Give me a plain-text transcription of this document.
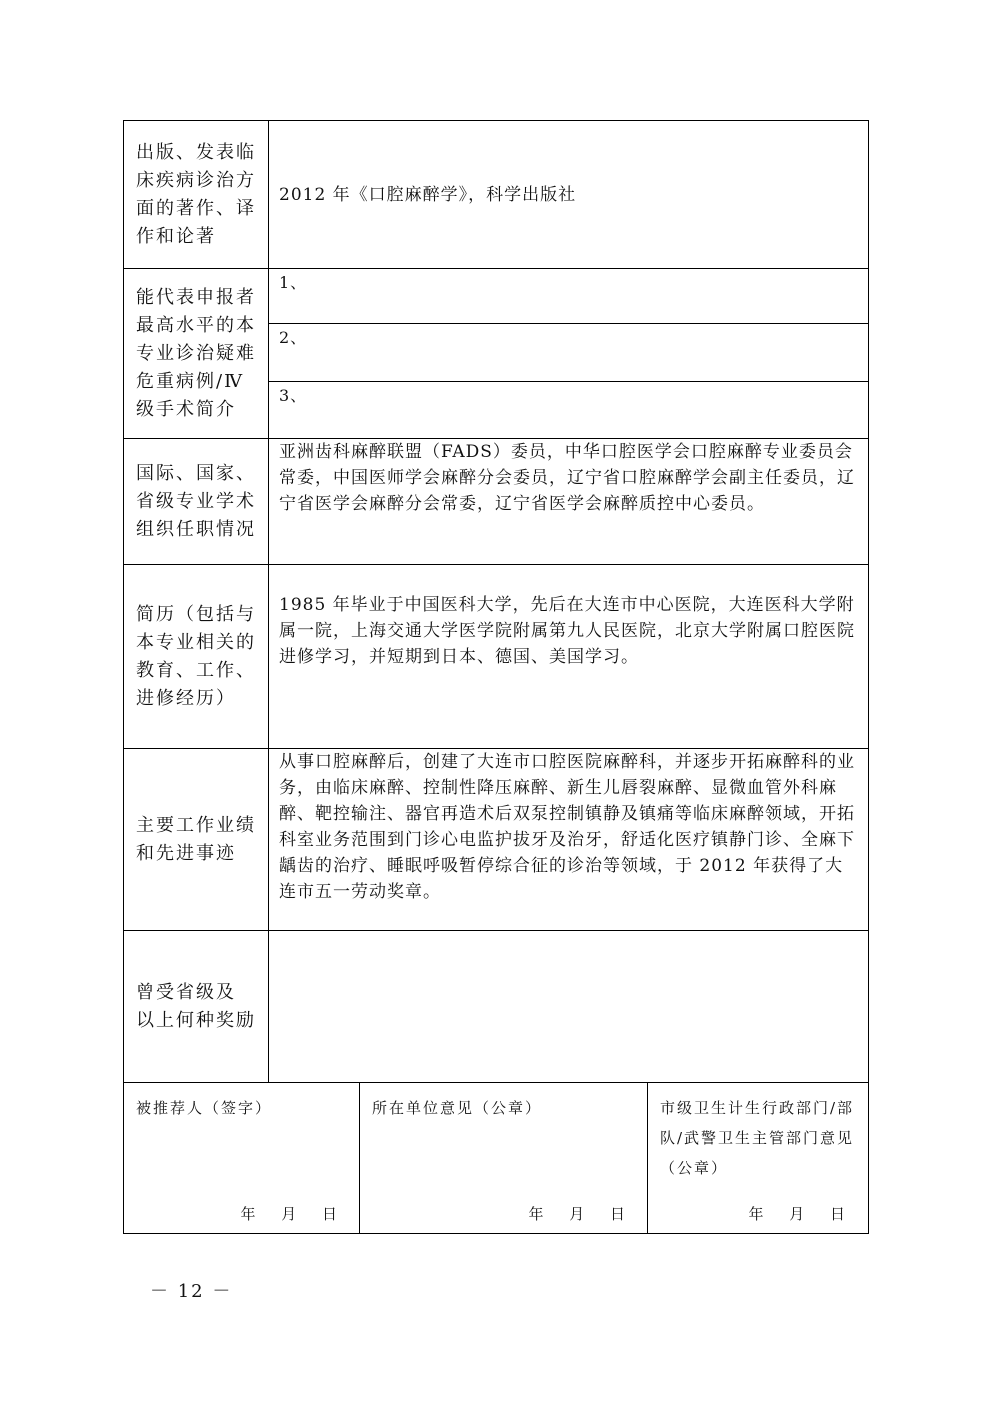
出版、发表临
床疾病诊治方
面的著作、译
作和论著
2012 年《口腔麻醉学》，科学出版社
能代表申报者
最高水平的本
专业诊治疑难
危重病例/Ⅳ
级手术简介
1、
2、
3、
国际、国家、
省级专业学术
组织任职情况
亚洲齿科麻醉联盟（FADS）委员，中华口腔医学会口腔麻醉专业委员会常委，中国医师学会麻醉分会委员，辽宁省口腔麻醉学会副主任委员，辽宁省医学会麻醉分会常委，辽宁省医学会麻醉质控中心委员。
简历（包括与
本专业相关的
教育、工作、
进修经历）
1985 年毕业于中国医科大学，先后在大连市中心医院，大连医科大学附属一院，上海交通大学医学院附属第九人民医院，北京大学附属口腔医院进修学习，并短期到日本、德国、美国学习。
主要工作业绩
和先进事迹
从事口腔麻醉后，创建了大连市口腔医院麻醉科，并逐步开拓麻醉科的业务，由临床麻醉、控制性降压麻醉、新生儿唇裂麻醉、显微血管外科麻醉、靶控输注、器官再造术后双泵控制镇静及镇痛等临床麻醉领域，开拓科室业务范围到门诊心电监护拔牙及治牙，舒适化医疗镇静门诊、全麻下龋齿的治疗、睡眠呼吸暂停综合征的诊治等领域，于 2012 年获得了大连市五一劳动奖章。
曾受省级及
以上何种奖励
被推荐人（签字）
年　 月　 日
所在单位意见（公章）
年　 月　 日
市级卫生计生行政部门/部
队/武警卫生主管部门意见
（公章）
年　 月　 日
－ 12 －
